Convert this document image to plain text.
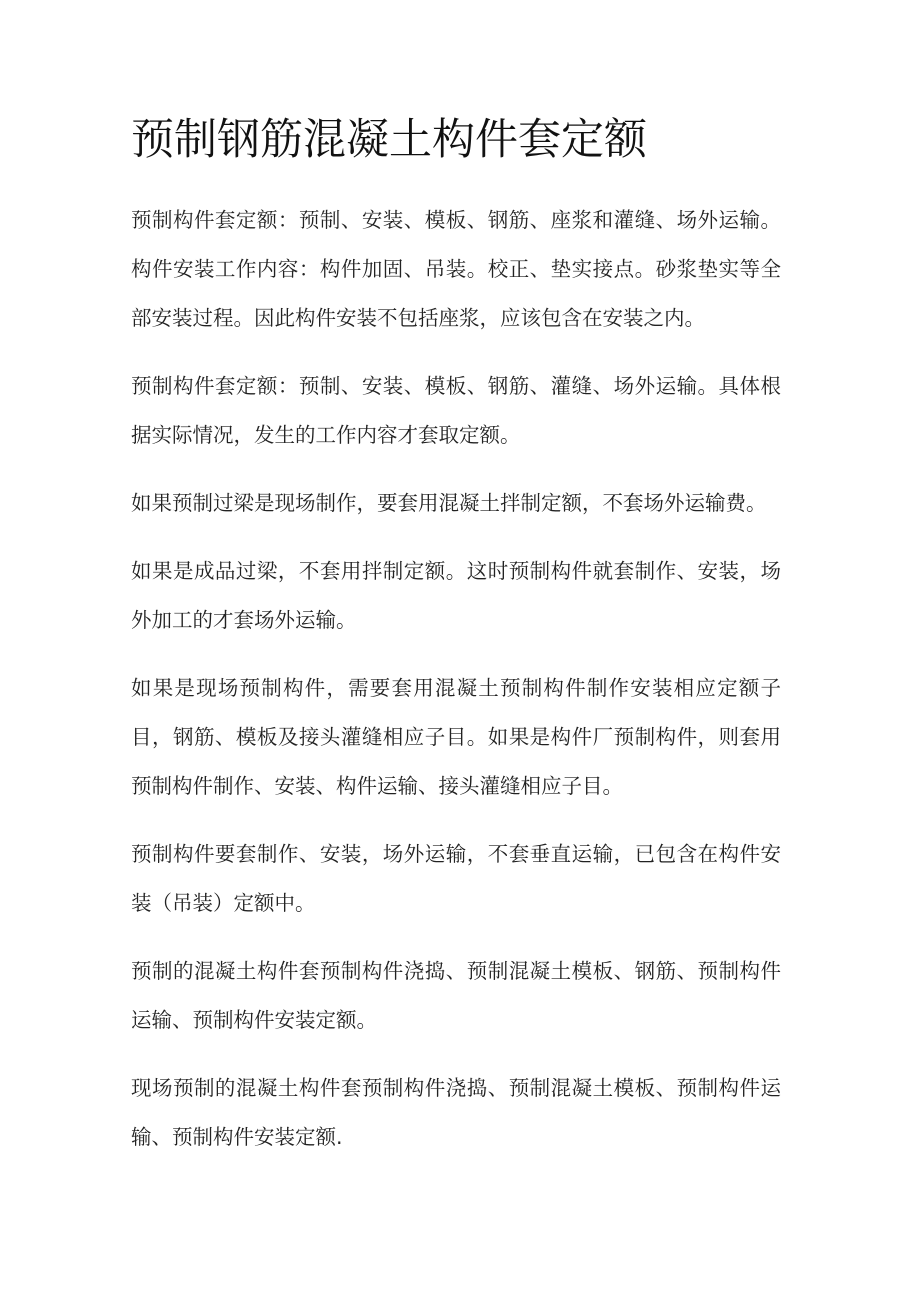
预制钢筋混凝土构件套定额

预制构件套定额：预制、安装、模板、钢筋、座浆和灌缝、场外运输。构件安装工作内容：构件加固、吊装。校正、垫实接点。砂浆垫实等全部安装过程。因此构件安装不包括座浆，应该包含在安装之内。

预制构件套定额：预制、安装、模板、钢筋、灌缝、场外运输。具体根据实际情况，发生的工作内容才套取定额。

如果预制过梁是现场制作，要套用混凝土拌制定额，不套场外运输费。

如果是成品过梁，不套用拌制定额。这时预制构件就套制作、安装，场外加工的才套场外运输。

如果是现场预制构件，需要套用混凝土预制构件制作安装相应定额子目，钢筋、模板及接头灌缝相应子目。如果是构件厂预制构件，则套用预制构件制作、安装、构件运输、接头灌缝相应子目。

预制构件要套制作、安装，场外运输，不套垂直运输，已包含在构件安装（吊装）定额中。

预制的混凝土构件套预制构件浇捣、预制混凝土模板、钢筋、预制构件运输、预制构件安装定额。

现场预制的混凝土构件套预制构件浇捣、预制混凝土模板、预制构件运输、预制构件安装定额.
